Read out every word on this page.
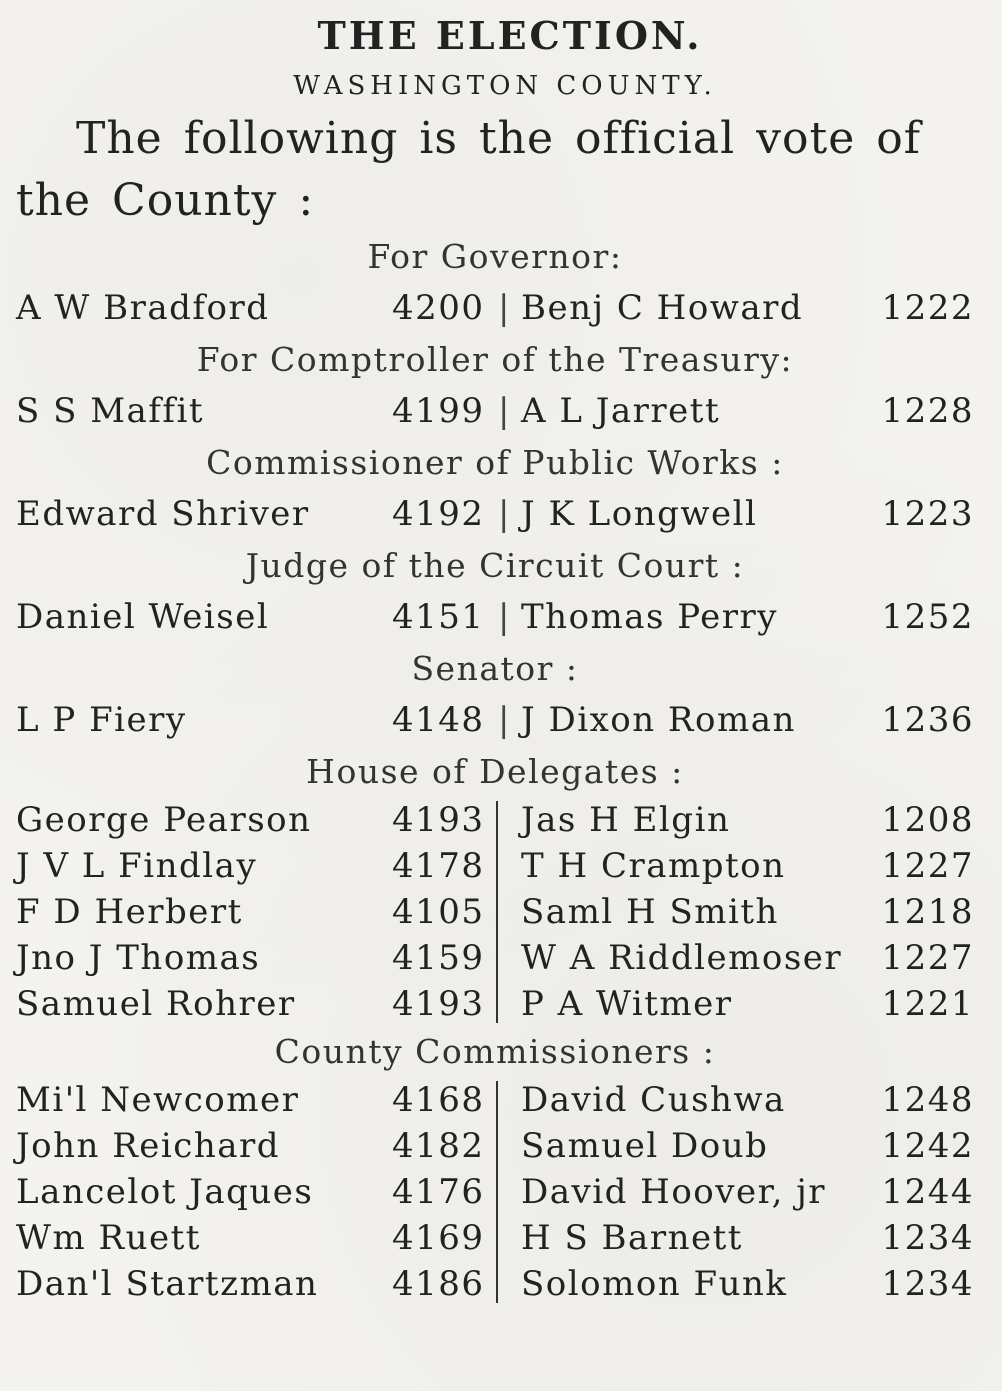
THE ELECTION.
WASHINGTON COUNTY.
The following is the official vote of the County :
For Governor:
A W Bradford	4200 | Benj C Howard 1222
For Comptroller of the Treasury:
S S Maffit	4199 | A L Jarrett	1228
Commissioner of Public Works :
Edward Shriver 4192 | J K Longwell	1223
Judge of the Circuit Court :
Daniel Weisel	4151 | Thomas Perry	1252
Senator :
L P Fiery	4148 | J Dixon Roman	1236
House of Delegates :
George Pearson 4193 Jas H Elgin	1208
J V L Findlay	4178 T H Crampton	1227
F D Herbert	4105 Saml H Smith	1218
Jno J Thomas	4159 W A Riddlemoser 1227
Samuel Rohrer	4193 P A Witmer	1221
County Commissioners :
Mi'l Newcomer	4168 David Cushwa	1248
John Reichard	4182 Samuel Doub	1242
Lancelot Jaques 4176 David Hoover, jr 1244
Wm Ruett	4169 H S Barnett	1234
Dan'l Startzman 4186 Solomon Funk	1234
